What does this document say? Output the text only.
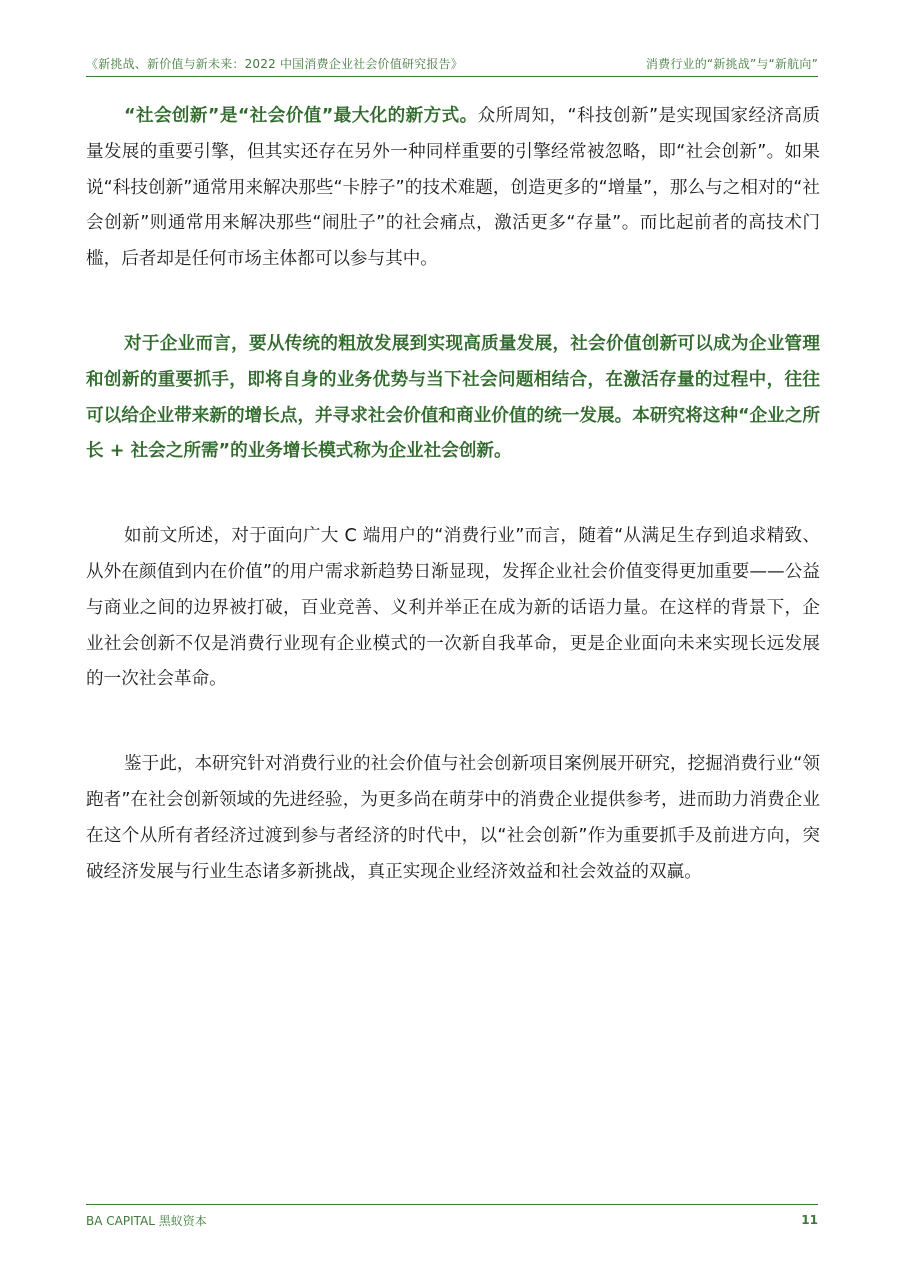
《新挑战、新价值与新未来：2022 中国消费企业社会价值研究报告》	消费行业的“新挑战”与“新航向”

“社会创新”是“社会价值”最大化的新方式。众所周知，“科技创新”是实现国家经济高质量发展的重要引擎，但其实还存在另外一种同样重要的引擎经常被忽略，即“社会创新”。如果说“科技创新”通常用来解决那些“卡脖子”的技术难题，创造更多的“增量”，那么与之相对的“社会创新”则通常用来解决那些“闹肚子”的社会痛点，激活更多“存量”。而比起前者的高技术门槛，后者却是任何市场主体都可以参与其中。

对于企业而言，要从传统的粗放发展到实现高质量发展，社会价值创新可以成为企业管理和创新的重要抓手，即将自身的业务优势与当下社会问题相结合，在激活存量的过程中，往往可以给企业带来新的增长点，并寻求社会价值和商业价值的统一发展。本研究将这种“企业之所长 + 社会之所需”的业务增长模式称为企业社会创新。

如前文所述，对于面向广大 C 端用户的“消费行业”而言，随着“从满足生存到追求精致、从外在颜值到内在价值”的用户需求新趋势日渐显现，发挥企业社会价值变得更加重要——公益与商业之间的边界被打破，百业竞善、义利并举正在成为新的话语力量。在这样的背景下，企业社会创新不仅是消费行业现有企业模式的一次新自我革命，更是企业面向未来实现长远发展的一次社会革命。

鉴于此，本研究针对消费行业的社会价值与社会创新项目案例展开研究，挖掘消费行业“领跑者”在社会创新领域的先进经验，为更多尚在萌芽中的消费企业提供参考，进而助力消费企业在这个从所有者经济过渡到参与者经济的时代中，以“社会创新”作为重要抓手及前进方向，突破经济发展与行业生态诸多新挑战，真正实现企业经济效益和社会效益的双赢。

BA CAPITAL 黑蚁资本	11
